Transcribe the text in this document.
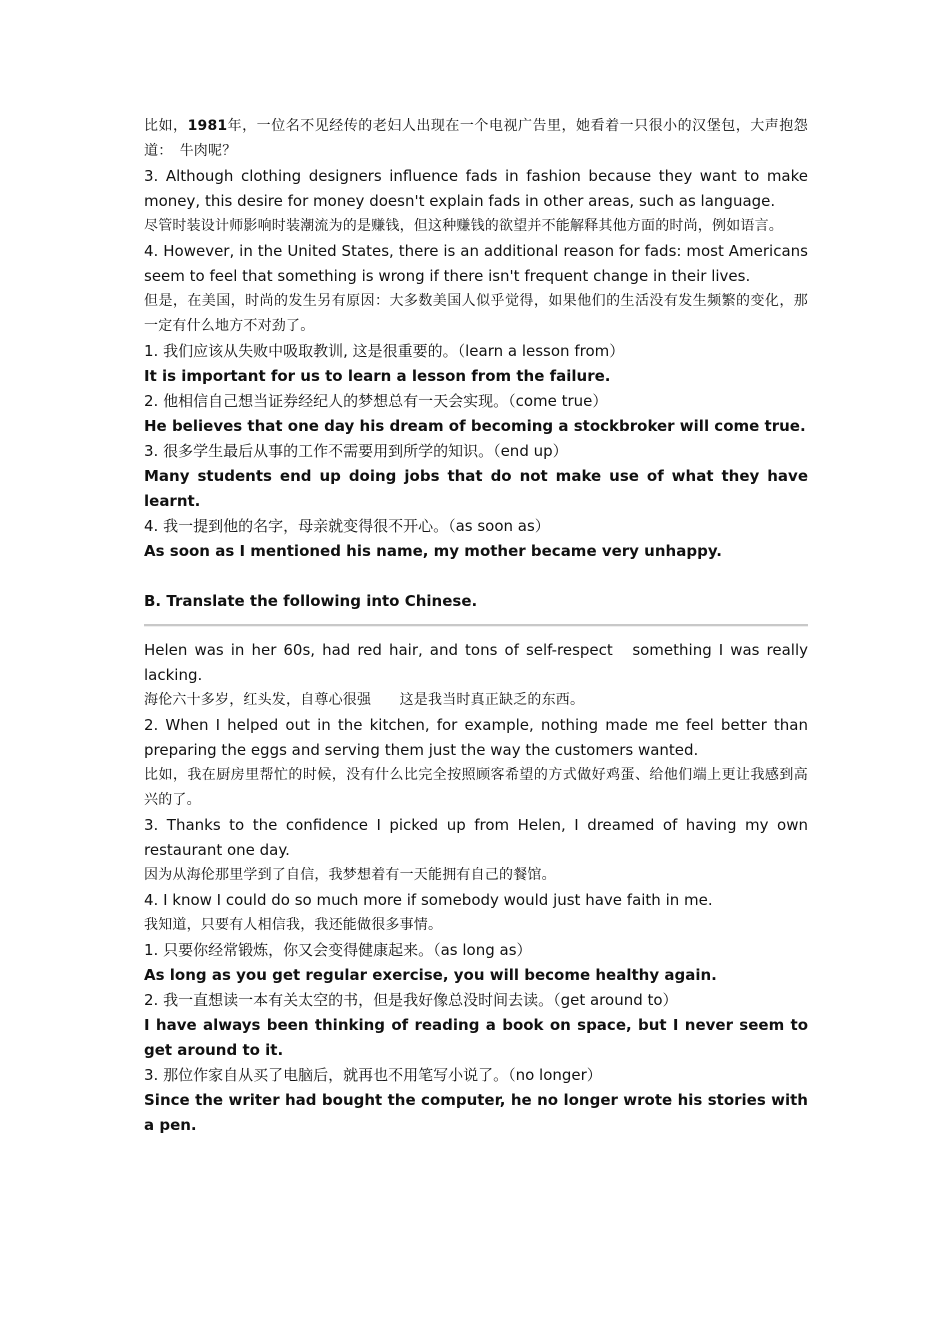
比如，1981年，一位名不见经传的老妇人出现在一个电视广告里，她看着一只很小的汉堡包，大声抱怨道：　牛肉呢？

3. Although clothing designers influence fads in fashion because they want to make money, this desire for money doesn't explain fads in other areas, such as language.

尽管时装设计师影响时装潮流为的是赚钱，但这种赚钱的欲望并不能解释其他方面的时尚，例如语言。

4. However, in the United States, there is an additional reason for fads: most Americans seem to feel that something is wrong if there isn't frequent change in their lives.

但是，在美国，时尚的发生另有原因：大多数美国人似乎觉得，如果他们的生活没有发生频繁的变化，那一定有什么地方不对劲了。

1. 我们应该从失败中吸取教训, 这是很重要的。（learn a lesson from）

It is important for us to learn a lesson from the failure.

2. 他相信自己想当证券经纪人的梦想总有一天会实现。（come true）

He believes that one day his dream of becoming a stockbroker will come true.

3. 很多学生最后从事的工作不需要用到所学的知识。（end up）

Many students end up doing jobs that do not make use of what they have learnt.

4. 我一提到他的名字，母亲就变得很不开心。（as soon as）

As soon as I mentioned his name, my mother became very unhappy.

B. Translate the following into Chinese.

Helen was in her 60s, had red hair, and tons of self-respect　something I was really lacking.

海伦六十多岁，红头发，自尊心很强　　这是我当时真正缺乏的东西。

2. When I helped out in the kitchen, for example, nothing made me feel better than preparing the eggs and serving them just the way the customers wanted.

比如，我在厨房里帮忙的时候，没有什么比完全按照顾客希望的方式做好鸡蛋、给他们端上更让我感到高兴的了。

3. Thanks to the confidence I picked up from Helen, I dreamed of having my own restaurant one day.

因为从海伦那里学到了自信，我梦想着有一天能拥有自己的餐馆。

4. I know I could do so much more if somebody would just have faith in me.

我知道，只要有人相信我，我还能做很多事情。

1. 只要你经常锻炼，你又会变得健康起来。（as long as）

As long as you get regular exercise, you will become healthy again.

2. 我一直想读一本有关太空的书，但是我好像总没时间去读。（get around to）

I have always been thinking of reading a book on space, but I never seem to get around to it.

3. 那位作家自从买了电脑后，就再也不用笔写小说了。（no longer）

Since the writer had bought the computer, he no longer wrote his stories with a pen.
